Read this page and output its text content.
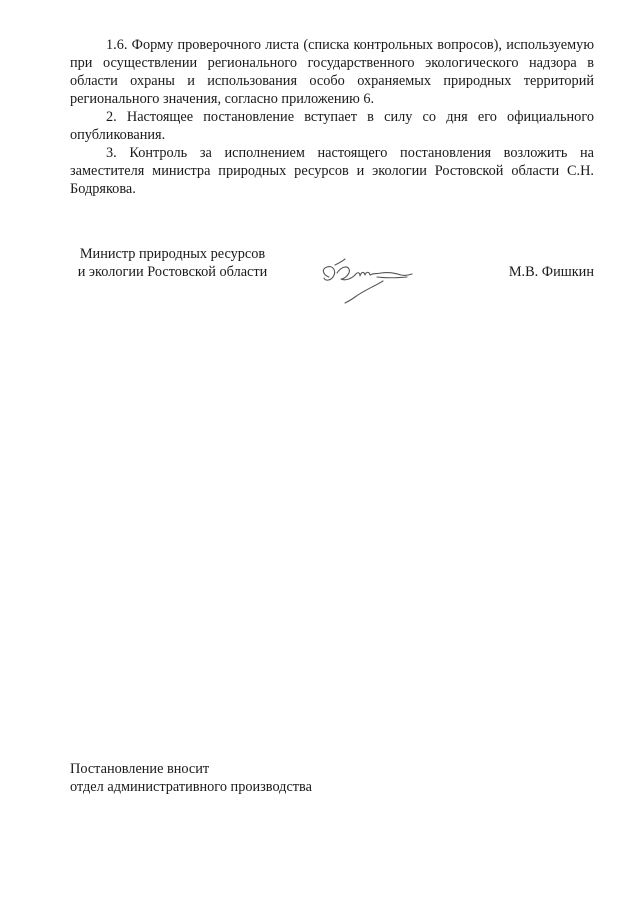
1.6. Форму проверочного листа (списка контрольных вопросов), используемую при осуществлении регионального государственного экологического надзора в области охраны и использования особо охраняемых природных территорий регионального значения, согласно приложению 6.

2. Настоящее постановление вступает в силу со дня его официального опубликования.

3. Контроль за исполнением настоящего постановления возложить на заместителя министра природных ресурсов и экологии Ростовской области С.Н. Бодрякова.

Министр природных ресурсов
и экологии Ростовской области	М.В. Фишкин
Постановление вносит
отдел административного производства
